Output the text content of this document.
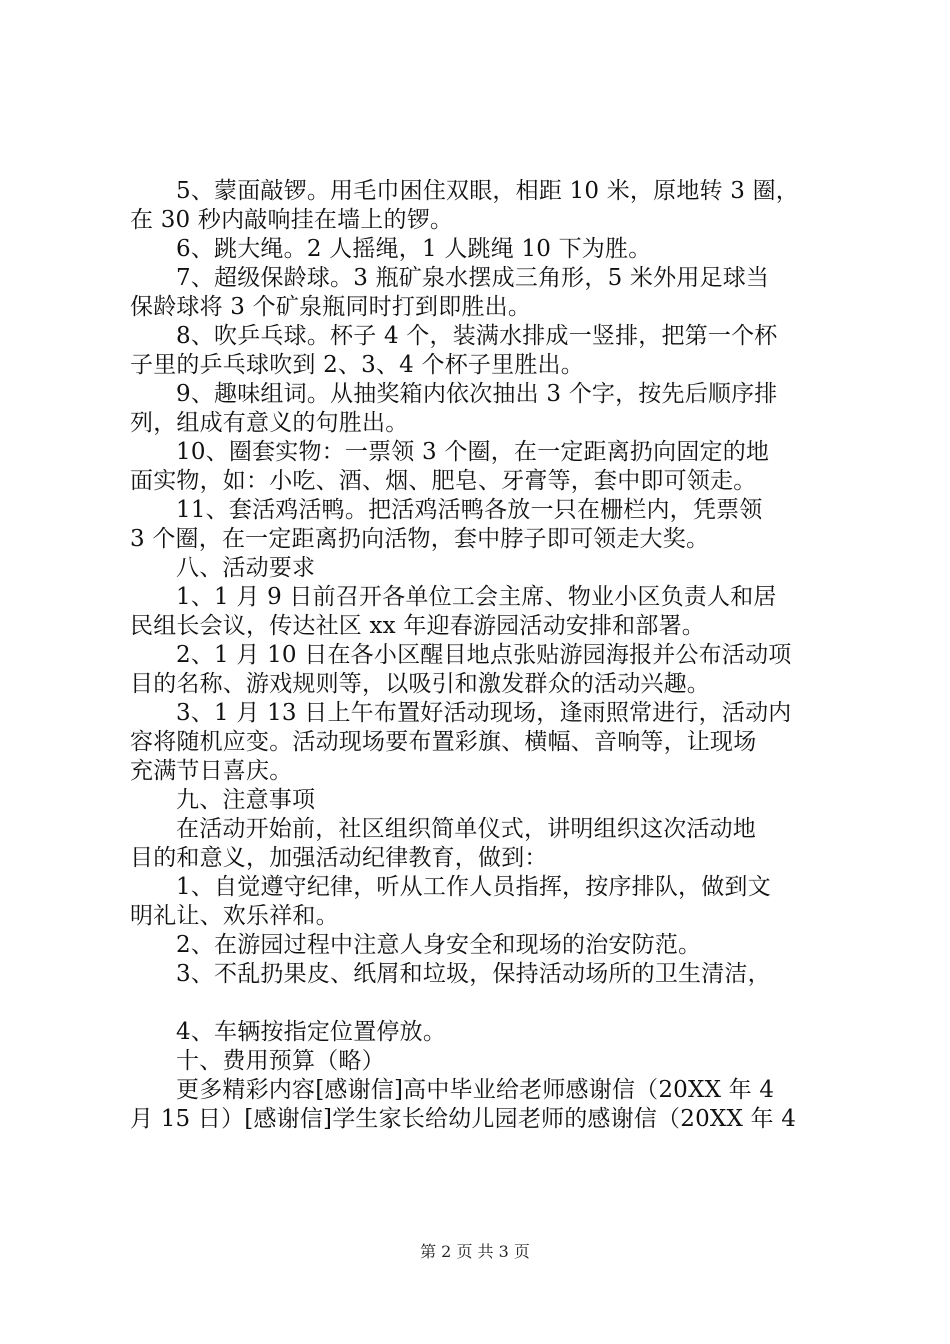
5、蒙面敲锣。用毛巾困住双眼，相距 10 米，原地转 3 圈，
在 30 秒内敲响挂在墙上的锣。
6、跳大绳。2 人摇绳，1 人跳绳 10 下为胜。
7、超级保龄球。3 瓶矿泉水摆成三角形，5 米外用足球当
保龄球将 3 个矿泉瓶同时打到即胜出。
8、吹乒乓球。杯子 4 个，装满水排成一竖排，把第一个杯
子里的乒乓球吹到 2、3、4 个杯子里胜出。
9、趣味组词。从抽奖箱内依次抽出 3 个字，按先后顺序排
列，组成有意义的句胜出。
10、圈套实物：一票领 3 个圈，在一定距离扔向固定的地
面实物，如：小吃、酒、烟、肥皂、牙膏等，套中即可领走。
11、套活鸡活鸭。把活鸡活鸭各放一只在栅栏内，凭票领
3 个圈，在一定距离扔向活物，套中脖子即可领走大奖。
八、活动要求
1、1 月 9 日前召开各单位工会主席、物业小区负责人和居
民组长会议，传达社区 xx 年迎春游园活动安排和部署。
2、1 月 10 日在各小区醒目地点张贴游园海报并公布活动项
目的名称、游戏规则等，以吸引和激发群众的活动兴趣。
3、1 月 13 日上午布置好活动现场，逢雨照常进行，活动内
容将随机应变。活动现场要布置彩旗、横幅、音响等，让现场
充满节日喜庆。
九、注意事项
在活动开始前，社区组织简单仪式，讲明组织这次活动地
目的和意义，加强活动纪律教育，做到：
1、自觉遵守纪律，听从工作人员指挥，按序排队，做到文
明礼让、欢乐祥和。
2、在游园过程中注意人身安全和现场的治安防范。
3、不乱扔果皮、纸屑和垃圾，保持活动场所的卫生清洁，
4、车辆按指定位置停放。
十、费用预算（略）
更多精彩内容[感谢信]高中毕业给老师感谢信（20XX 年 4
月 15 日）[感谢信]学生家长给幼儿园老师的感谢信（20XX 年 4
第 2 页 共 3 页
